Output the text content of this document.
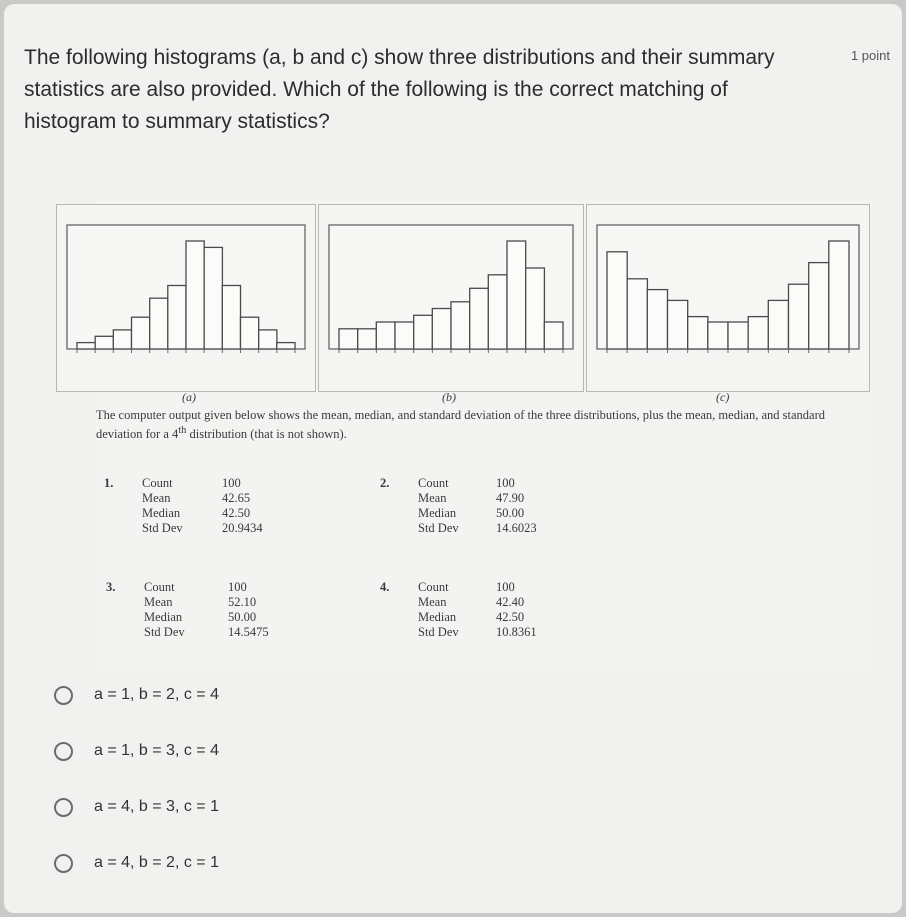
The following histograms (a, b and c) show three distributions and their summary statistics are also provided. Which of the following is the correct matching of histogram to summary statistics?
1 point
(a)	(b)	(c)
The computer output given below shows the mean, median, and standard deviation of the three distributions, plus the mean, median, and standard deviation for a 4th distribution (that is not shown).
1. Count	100
Mean	42.65
Median	42.50
Std Dev	20.9434
2. Count	100
Mean	47.90
Median	50.00
Std Dev	14.6023
3. Count	100
Mean	52.10
Median	50.00
Std Dev	14.5475
4. Count	100
Mean	42.40
Median	42.50
Std Dev	10.8361
a = 1, b = 2, c = 4
a = 1, b = 3, c = 4
a = 4, b = 3, c = 1
a = 4, b = 2, c = 1
